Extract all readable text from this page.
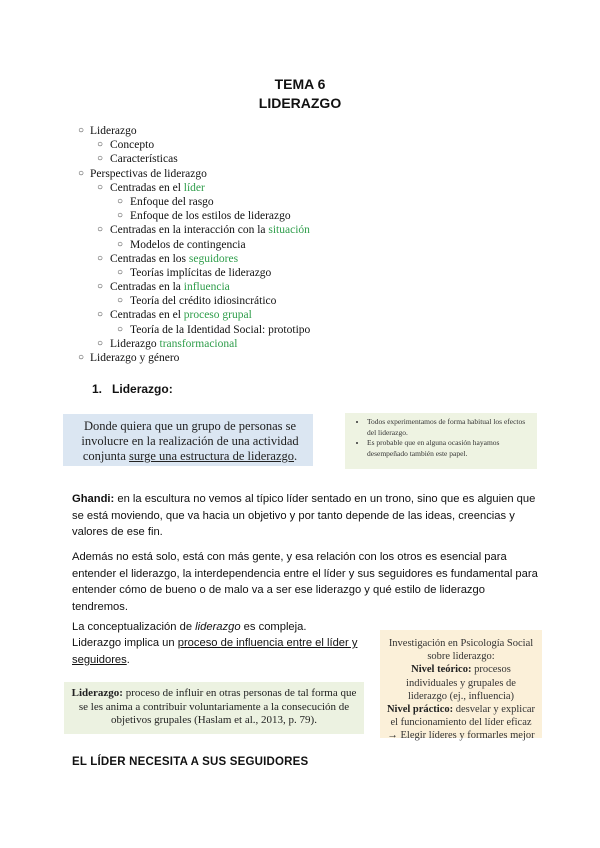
TEMA 6
LIDERAZGO
○ Liderazgo
○ Concepto
○ Características
○ Perspectivas de liderazgo
○ Centradas en el líder
○ Enfoque del rasgo
○ Enfoque de los estilos de liderazgo
○ Centradas en la interacción con la situación
○ Modelos de contingencia
○ Centradas en los seguidores
○ Teorías implícitas de liderazgo
○ Centradas en la influencia
○ Teoría del crédito idiosincrático
○ Centradas en el proceso grupal
○ Teoría de la Identidad Social: prototipo
○ Liderazgo transformacional
○ Liderazgo y género
1. Liderazgo:

Donde quiera que un grupo de personas se involucre en la realización de una actividad conjunta surge una estructura de liderazgo.

• Todos experimentamos de forma habitual los efectos del liderazgo.
• Es probable que en alguna ocasión hayamos desempeñado también este papel.

Ghandi: en la escultura no vemos al típico líder sentado en un trono, sino que es alguien que se está moviendo, que va hacia un objetivo y por tanto depende de las ideas, creencias y valores de ese fin.

Además no está solo, está con más gente, y esa relación con los otros es esencial para entender el liderazgo, la interdependencia entre el líder y sus seguidores es fundamental para entender cómo de bueno o de malo va a ser ese liderazgo y qué estilo de liderazgo tendremos.

La conceptualización de liderazgo es compleja.

Liderazgo implica un proceso de influencia entre el líder y seguidores.

Liderazgo: proceso de influir en otras personas de tal forma que se les anima a contribuir voluntariamente a la consecución de objetivos grupales (Haslam et al., 2013, p. 79).

Investigación en Psicología Social sobre liderazgo:
Nivel teórico: procesos individuales y grupales de liderazgo (ej., influencia)
Nivel práctico: desvelar y explicar el funcionamiento del líder eficaz → Elegir líderes y formarles mejor

EL LÍDER NECESITA A SUS SEGUIDORES
